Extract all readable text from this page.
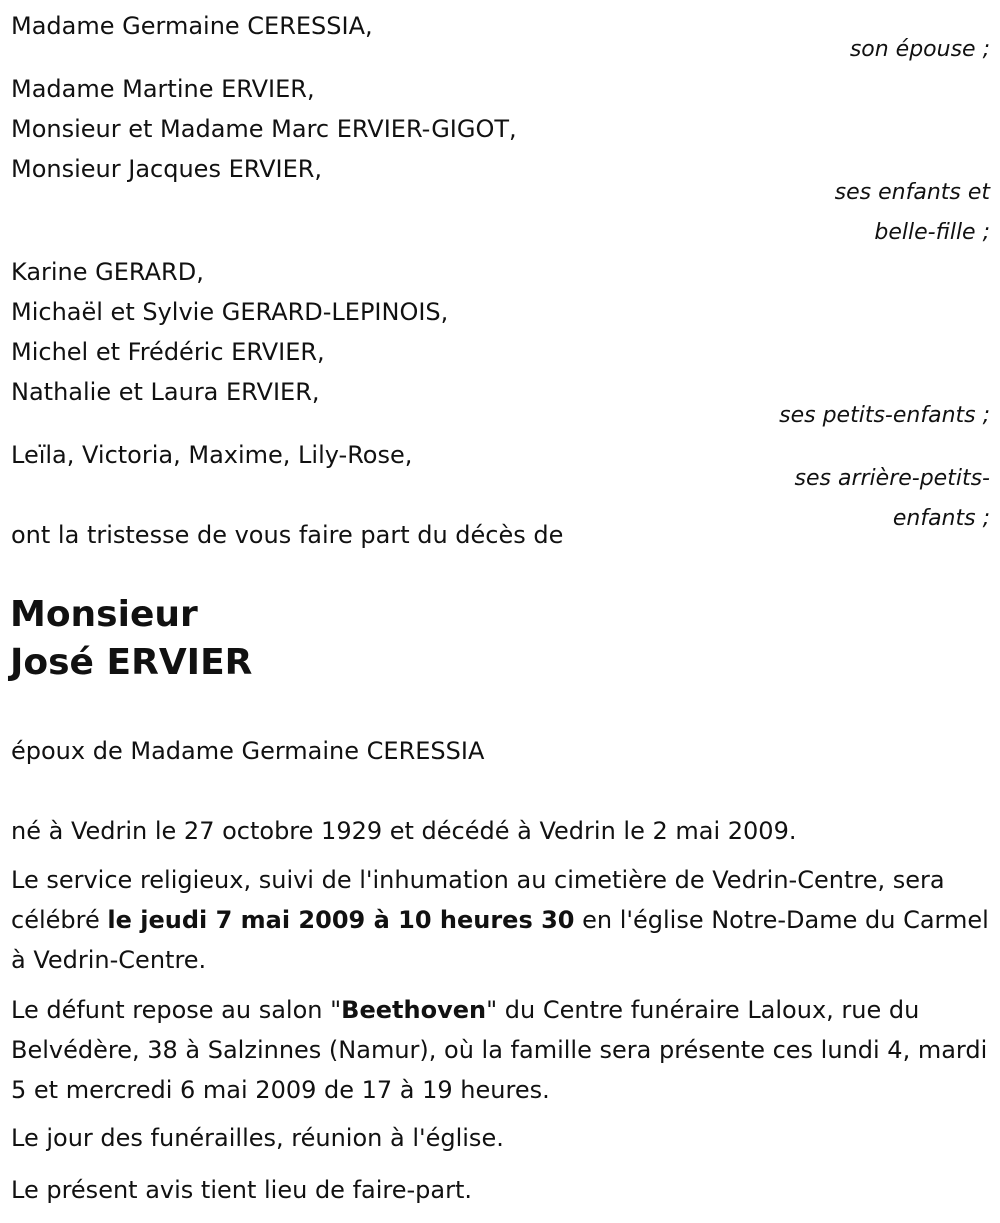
Madame Germaine CERESSIA,
son épouse ;
Madame Martine ERVIER,
Monsieur et Madame Marc ERVIER-GIGOT,
Monsieur Jacques ERVIER,
ses enfants et
belle-fille ;
Karine GERARD,
Michaël et Sylvie GERARD-LEPINOIS,
Michel et Frédéric ERVIER,
Nathalie et Laura ERVIER,
ses petits-enfants ;
Leïla, Victoria, Maxime, Lily-Rose,
ses arrière-petits-
enfants ;
ont la tristesse de vous faire part du décès de
Monsieur
José ERVIER
époux de Madame Germaine CERESSIA
né à Vedrin le 27 octobre 1929 et décédé à Vedrin le 2 mai 2009.
Le service religieux, suivi de l'inhumation au cimetière de Vedrin-Centre, sera célébré le jeudi 7 mai 2009 à 10 heures 30 en l'église Notre-Dame du Carmel à Vedrin-Centre.
Le défunt repose au salon "Beethoven" du Centre funéraire Laloux, rue du Belvédère, 38 à Salzinnes (Namur), où la famille sera présente ces lundi 4, mardi 5 et mercredi 6 mai 2009 de 17 à 19 heures.
Le jour des funérailles, réunion à l'église.
Le présent avis tient lieu de faire-part.
